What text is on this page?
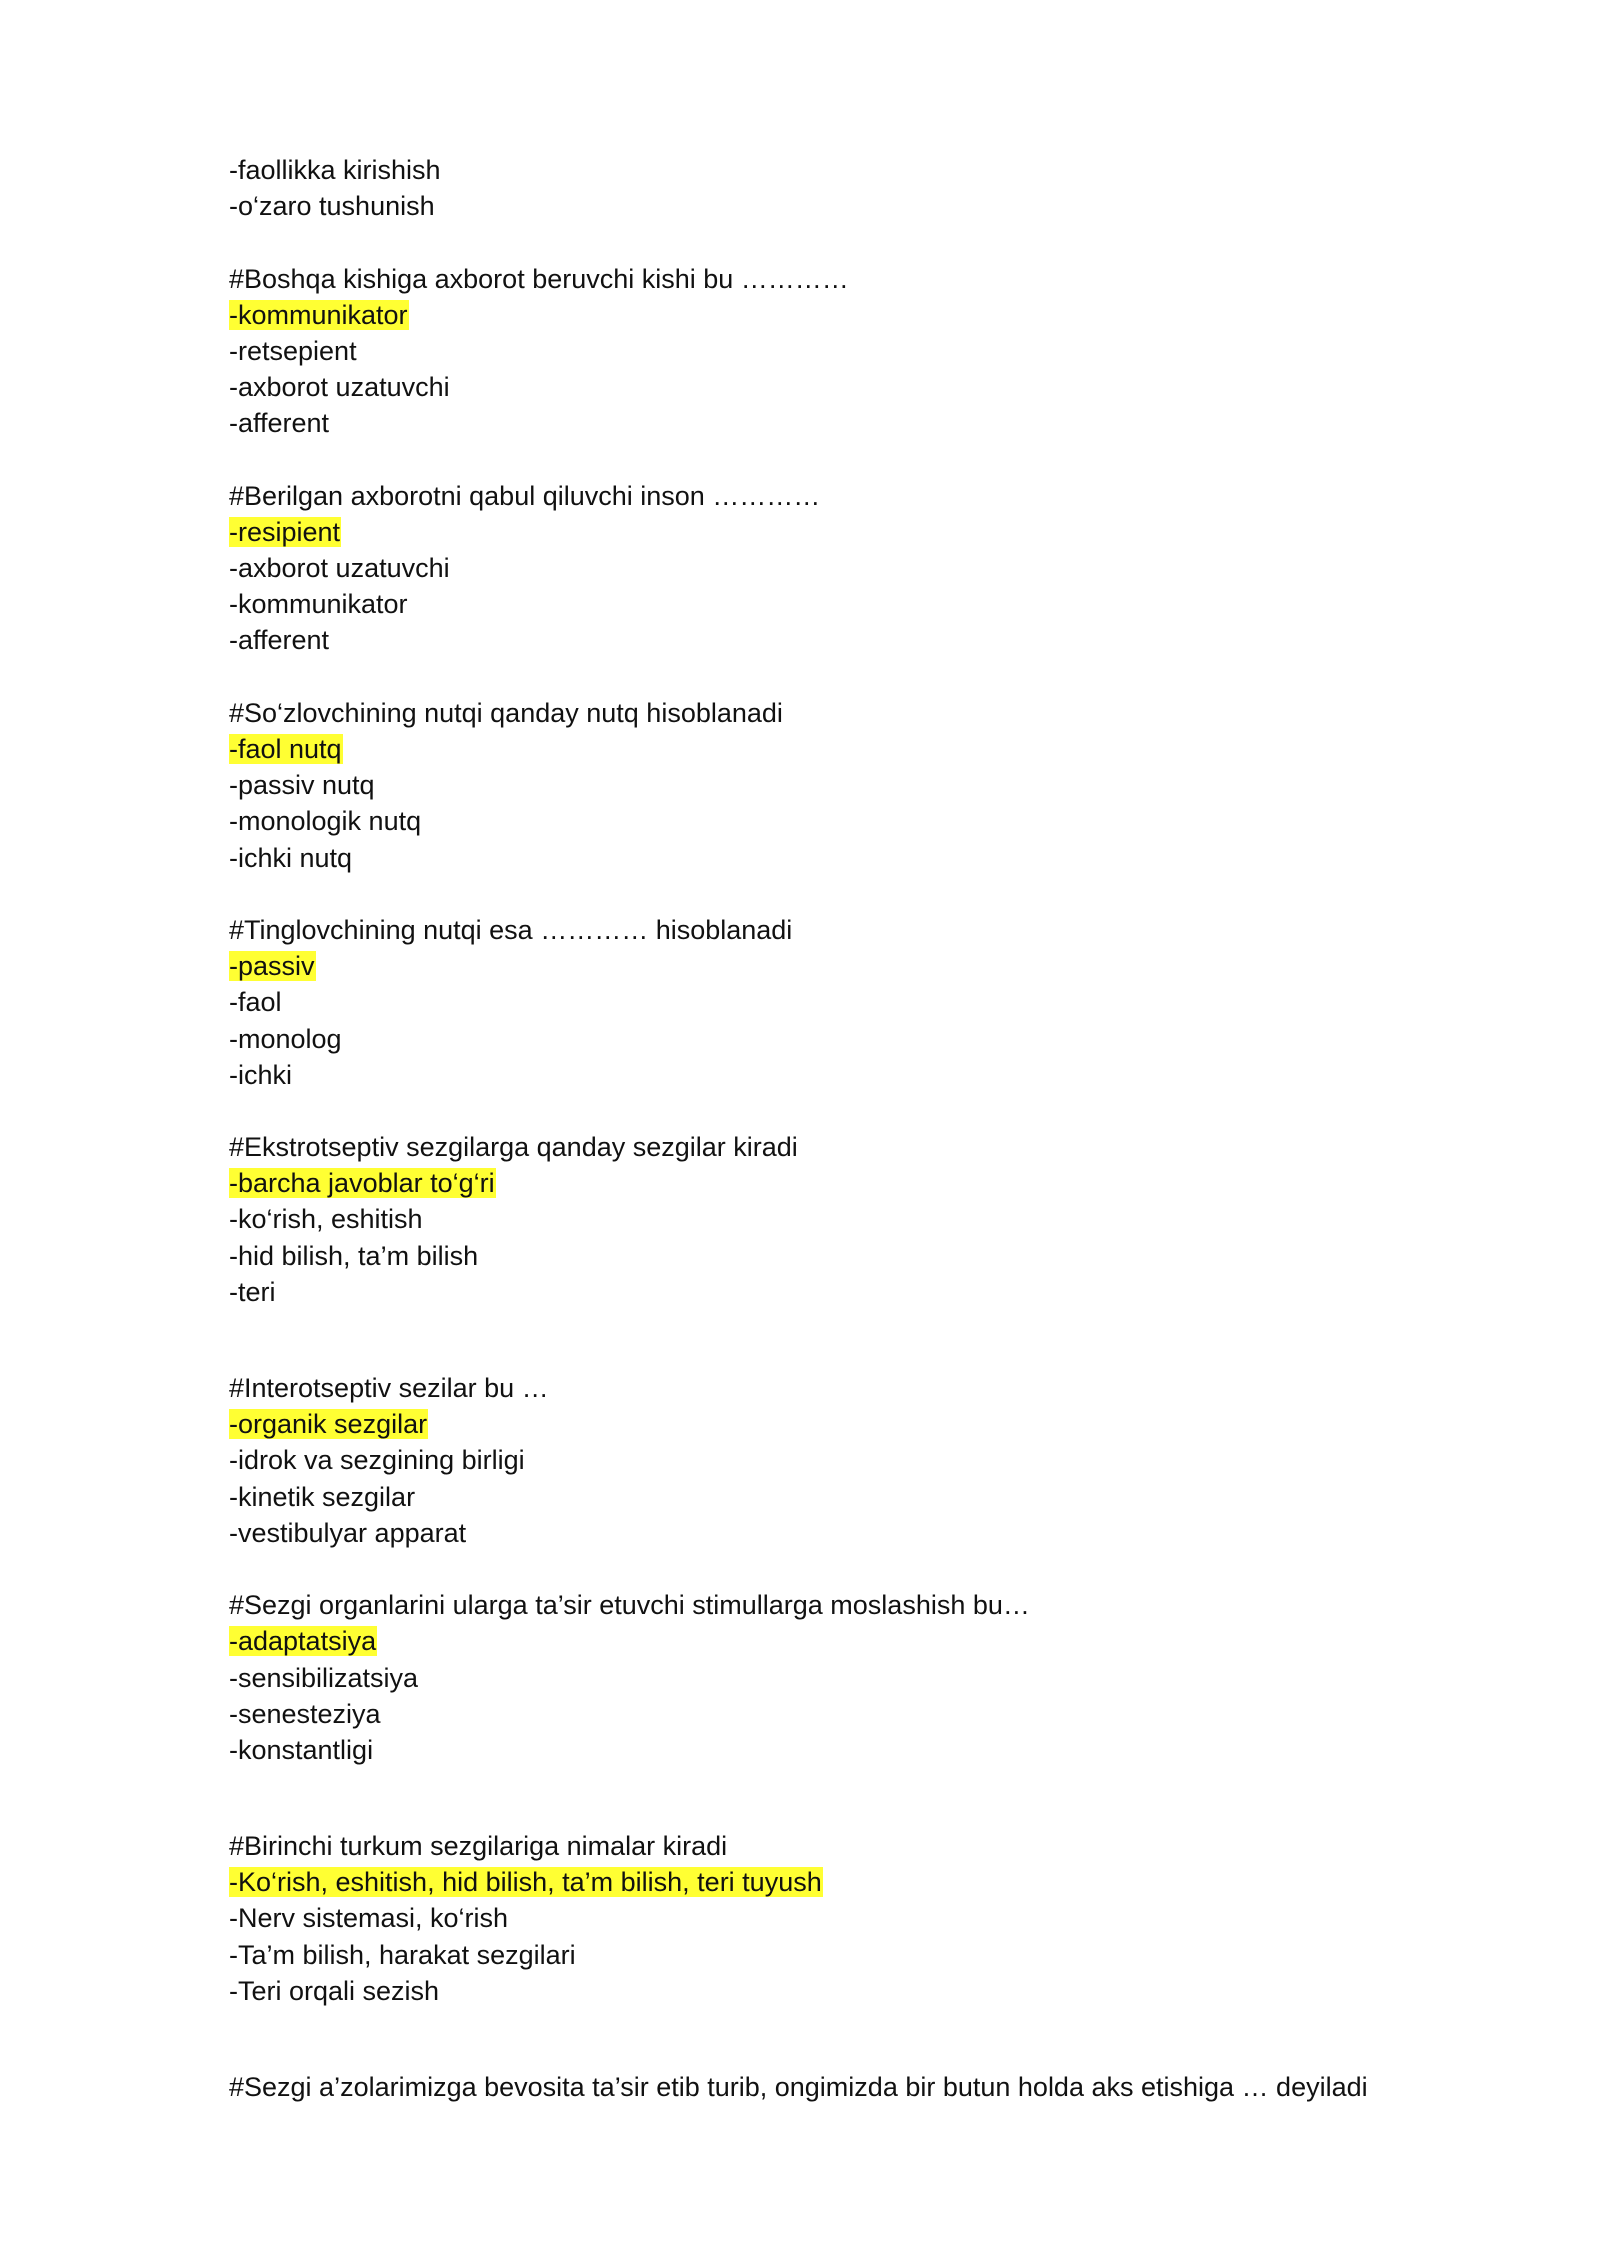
-faollikka kirishish
-o‘zaro tushunish
#Boshqa kishiga axborot beruvchi kishi bu …………
-kommunikator
-retsepient
-axborot uzatuvchi
-afferent
#Berilgan axborotni qabul qiluvchi inson …………
-resipient
-axborot uzatuvchi
-kommunikator
-afferent
#So‘zlovchining nutqi qanday nutq hisoblanadi
-faol nutq
-passiv nutq
-monologik nutq
-ichki nutq
#Tinglovchining nutqi esa ………… hisoblanadi
-passiv
-faol
-monolog
-ichki
#Ekstrotseptiv sezgilarga qanday sezgilar kiradi
-barcha javoblar to‘g‘ri
-ko‘rish, eshitish
-hid bilish, ta’m bilish
-teri
#Interotseptiv sezilar bu …
-organik sezgilar
-idrok va sezgining birligi
-kinetik sezgilar
-vestibulyar apparat
#Sezgi organlarini ularga ta’sir etuvchi stimullarga moslashish bu…
-adaptatsiya
-sensibilizatsiya
-senesteziya
-konstantligi
#Birinchi turkum sezgilariga nimalar kiradi
-Ko‘rish, eshitish, hid bilish, ta’m bilish, teri tuyush
-Nerv sistemasi, ko‘rish
-Ta’m bilish, harakat sezgilari
-Teri orqali sezish
#Sezgi a’zolarimizga bevosita ta’sir etib turib, ongimizda bir butun holda aks etishiga … deyiladi
